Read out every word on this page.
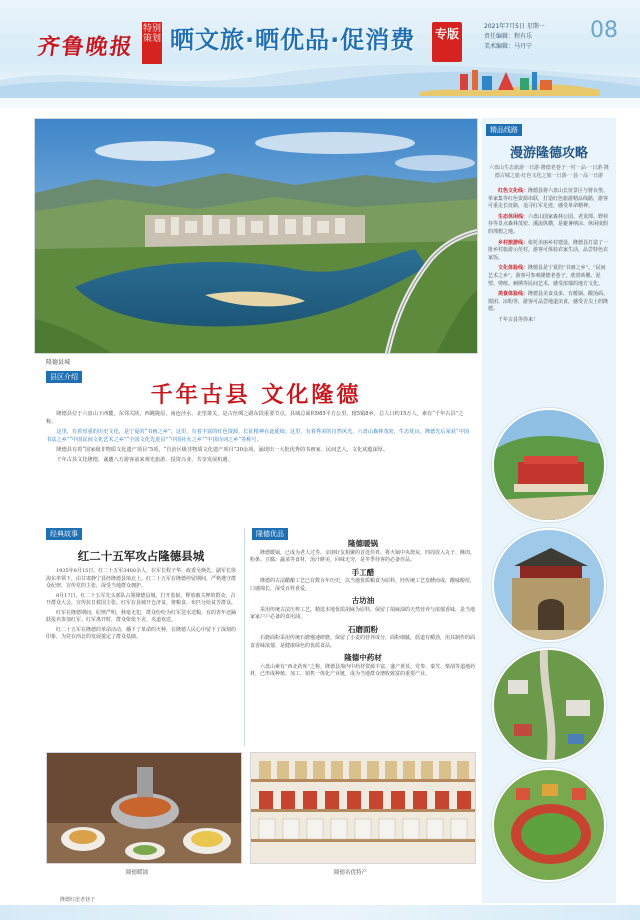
齐鲁晚报
特别策划 晒文旅·晒优品·促消费 专版
2021年7月5日 星期一
责任编辑：程有乐
美术编辑：马丹宁
08
隆德县城
精品线路
漫游隆德攻略
六盘山生态旅游一日游·隆德老巷子一村一品·一日游·隆德古城之旅·红色文化之旅一日游·一县一品一日游

红色文化线：隆德县将六盘山长征景区与将台堡、单家集等红色资源串联，打造红色旅游精品线路，游客可重走长征路，追寻红军足迹，感受革命精神。

生态休闲线：六盘山国家森林公园、老龙潭、野荷谷等景点森林茂密、溪流纵横，是避暑纳凉、休闲度假的理想之地。

乡村旅游线：依托美丽乡村建设，隆德县打造了一批乡村旅游示范村，游客可体验农家生活，品尝特色农家饭。

文化体验线：隆德县是宁夏的“书画之乡”、“民间艺术之乡”，游客可参观隆德老巷子，欣赏砖雕、泥塑、剪纸、刺绣等民间艺术，感受浓郁的地方文化。

美食体验线：隆德县美食众多，有暖锅、酸汤面、搅团、凉粉等，游客可品尝地道美食，感受舌尖上的隆德。

千年古县等你来！

隆德红崖老巷子
县区介绍
千年古县 文化隆德

隆德县位于六盘山下西麓，东邻关陕，西眺陇原，南连泾水，北望萧关，是古丝绸之路东段重要节点。县域总面积985平方公里，辖5镇8乡，总人口约15万人，素有“千年古县”之称。

这里，有着厚重的历史文化，是宁夏的“书画之乡”；这里，有着丰富的红色资源，长征精神在此延续；这里，有着秀美的自然风光，六盘山森林茂密，生态优良。隆德先后荣获“中国书法之乡”“中国民间文化艺术之乡”“全国文化先进县”“中国社火之乡”“中国诗词之乡”等称号。

隆德县有着“国家级非物质文化遗产项目”5项，“自治区级非物质文化遗产项目”30余项，涌现出一大批优秀的书画家、民间艺人，文化底蕴深厚。

千年古县文化隆德，诚邀八方游客前来观光旅游、投资兴业，共享发展机遇。

经典故事
红二十五军攻占隆德县城

1935年8月15日，红二十五军3400余人，在军长程子华、政委吴焕先、副军长徐海东率领下，由甘肃静宁县经隆德县境北上。红二十五军在隆德停留期间，严格遵守群众纪律，宣传党的主张，深受当地群众拥护。

8月17日，红二十五军先头部队占领隆德县城，打开监狱，释放被关押的群众，召开群众大会，宣传抗日救国主张。红军在县城开仓济贫，将粮食、布匹分给贫苦群众。

红军在隆德期间，纪律严明，秋毫无犯，群众纷纷为红军送水送粮，有的青年还踊跃报名参加红军。红军离开时，群众依依不舍，夹道欢送。

红二十五军在隆德的革命活动，播下了革命的火种，在隆德人民心中留下了深刻的印象，为党在西北的发展奠定了群众基础。

隆德优品
隆德暖锅

隆德暖锅，已成为老人过寿、亲朋好友相聚的首选佳肴。将火锅中央烧炭，四周放入丸子、酥肉、粉条、豆腐、蔬菜等食材，汤汁鲜美，回味无穷，是冬季待客的必备佳品。

手工醋

隆德的古法醋酿工艺已有数百年历史，以当地优质粮食为原料，经传统工艺发酵而成，酸味醇厚，口感绵长，深受百姓喜爱。

古坊油

采用传统古法压榨工艺，精选本地优质胡麻为原料，保留了胡麻油的天然营养与浓郁香味，是当地家家户户必备的食用油。

石磨面粉

石磨面粉采用传统石磨慢速研磨，保留了小麦的营养成分，面粉细腻，筋道有嚼劲，用其制作的面食香味浓郁，是健康绿色的优质食品。

隆德中药材

六盘山素有“西北药库”之称，隆德县境内中药材资源丰富，盛产黄芪、党参、秦艽、柴胡等道地药材，已形成种植、加工、销售一体化产业链，成为当地群众增收致富的重要产业。

隆德暖锅	隆德名优特产
